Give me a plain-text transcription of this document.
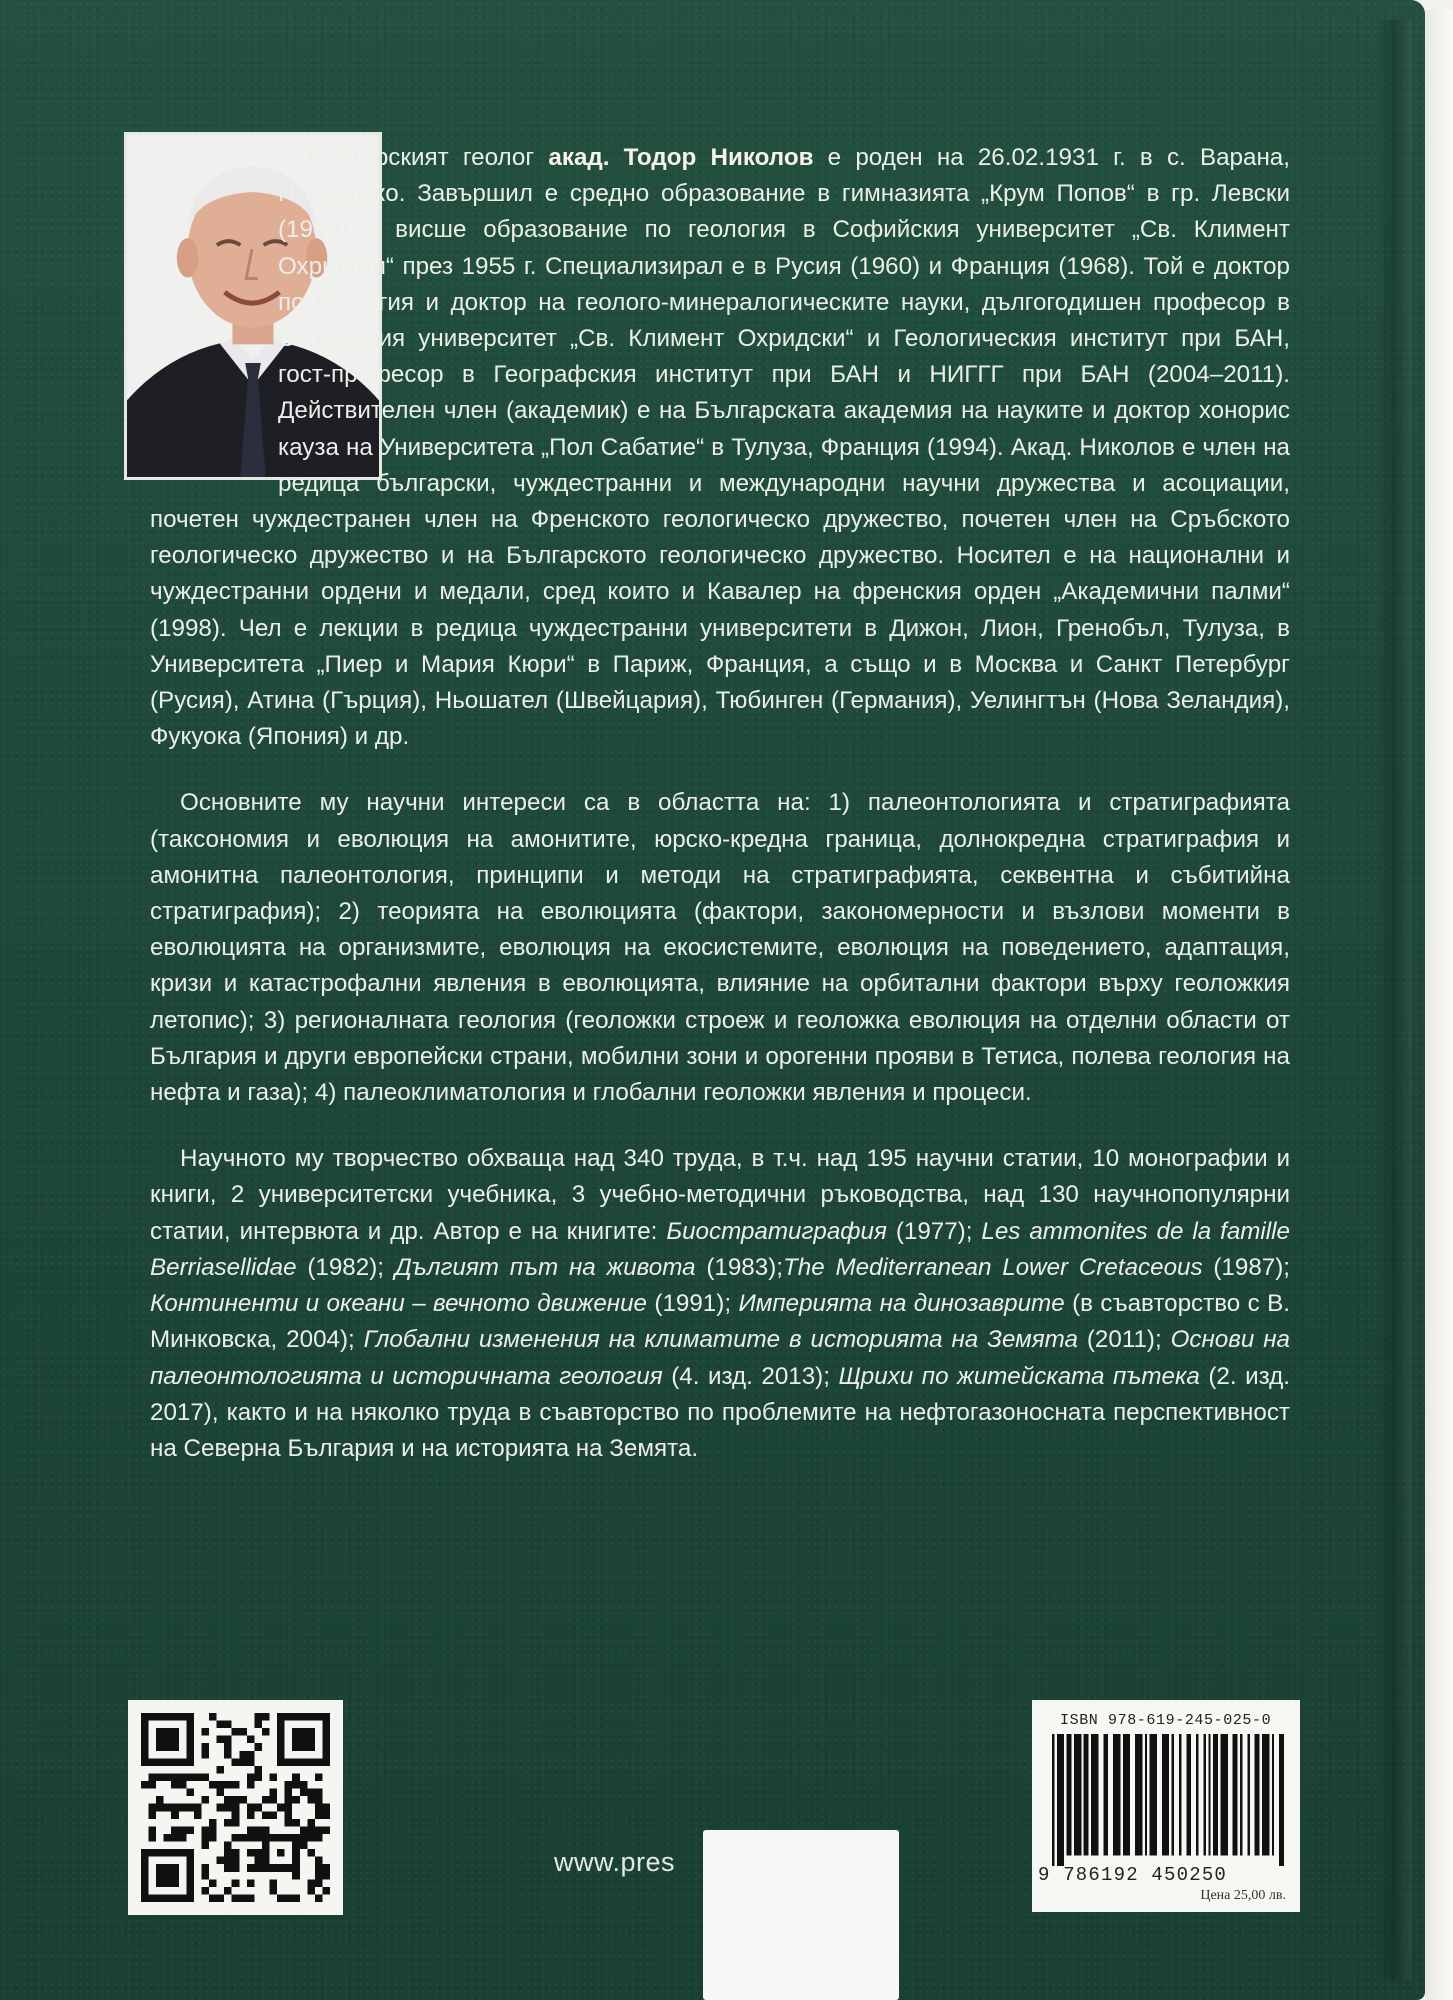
Българският геолог акад. Тодор Николов е роден на 26.02.1931 г. в с. Варана, Плевенско. Завършил е средно образование в гимназията „Крум Попов“ в гр. Левски (1949) и висше образование по геология в Софийския университет „Св. Климент Охридски“ през 1955 г. Специализирал е в Русия (1960) и Франция (1968). Той е доктор по геология и доктор на геолого-минералогическите науки, дългогодишен професор в Софийския университет „Св. Климент Охридски“ и Геологическия институт при БАН, гост-професор в Географския институт при БАН и НИГГГ при БАН (2004–2011). Действителен член (академик) е на Българската академия на науките и доктор хонорис кауза на Университета „Пол Сабатие“ в Тулуза, Франция (1994). Акад. Николов е член на редица български, чуждестранни и международни научни дружества и асоциации, почетен чуждестранен член на Френското геологическо дружество, почетен член на Сръбското геологическо дружество и на Българското геологическо дружество. Носител е на национални и чуждестранни ордени и медали, сред които и Кавалер на френския орден „Академични палми“ (1998). Чел е лекции в редица чуждестранни университети в Дижон, Лион, Гренобъл, Тулуза, в Университета „Пиер и Мария Кюри“ в Париж, Франция, а също и в Москва и Санкт Петербург (Русия), Атина (Гърция), Ньошател (Швейцария), Тюбинген (Германия), Уелингтън (Нова Зеландия), Фукуока (Япония) и др.

Основните му научни интереси са в областта на: 1) палеонтологията и стратиграфията (таксономия и еволюция на амонитите, юрско-кредна граница, долнокредна стратиграфия и амонитна палеонтология, принципи и методи на стратиграфията, секвентна и събитийна стратиграфия); 2) теорията на еволюцията (фактори, закономерности и възлови моменти в еволюцията на организмите, еволюция на екосистемите, еволюция на поведението, адаптация, кризи и катастрофални явления в еволюцията, влияние на орбитални фактори върху геоложкия летопис); 3) регионалната геология (геоложки строеж и геоложка еволюция на отделни области от България и други европейски страни, мобилни зони и орогенни прояви в Тетиса, полева геология на нефта и газа); 4) палеоклиматология и глобални геоложки явления и процеси.

Научното му творчество обхваща над 340 труда, в т.ч. над 195 научни статии, 10 монографии и книги, 2 университетски учебника, 3 учебно-методични ръководства, над 130 научнопопулярни статии, интервюта и др. Автор е на книгите: Биостратиграфия (1977); Les ammonites de la famille Berriasellidae (1982); Дългият път на живота (1983);The Mediterranean Lower Cretaceous (1987); Континенти и океани – вечното движение (1991); Империята на динозаврите (в съавторство с В. Минковска, 2004); Глобални изменения на климатите в историята на Земята (2011); Основи на палеонтологията и историчната геология (4. изд. 2013); Щрихи по житейската пътека (2. изд. 2017), както и на няколко труда в съавторство по проблемите на нефтогазоносната перспективност на Северна България и на историята на Земята.

www.pres
ISBN 978-619-245-025-0
9 786192 450250
Цена 25,00 лв.
